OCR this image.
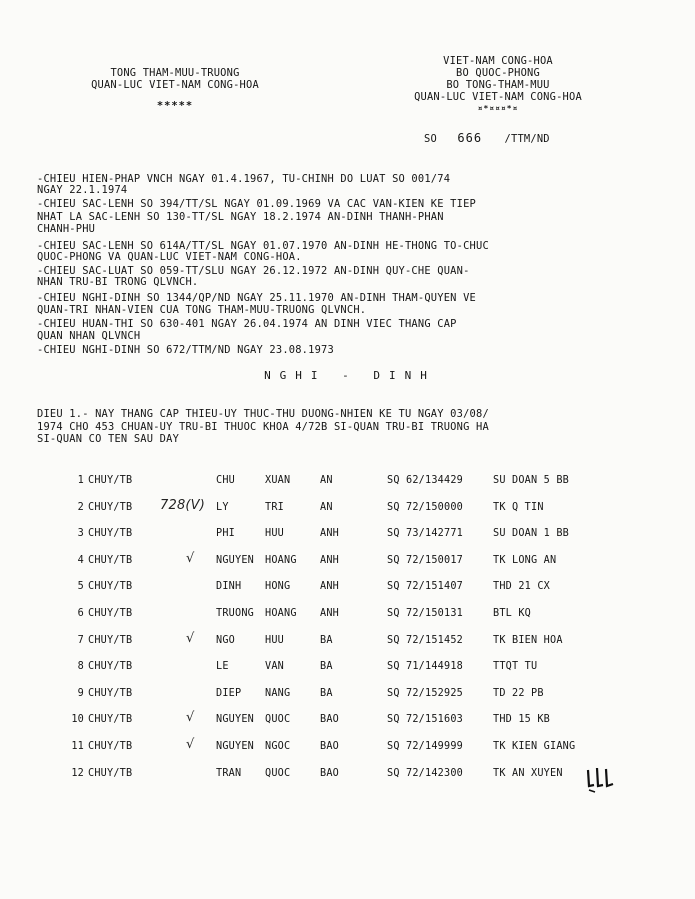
TONG THAM-MUU-TRUONG
QUAN-LUC VIET-NAM CONG-HOA
*****
VIET-NAM CONG-HOA
BO QUOC-PHONG
BO TONG-THAM-MUU
QUAN-LUC VIET-NAM CONG-HOA
¤*¤¤¤*¤
SO 666 /TTM/ND
-CHIEU HIEN-PHAP VNCH NGAY 01.4.1967, TU-CHINH DO LUAT SO 001/74
NGAY 22.1.1974
-CHIEU SAC-LENH SO 394/TT/SL NGAY 01.09.1969 VA CAC VAN-KIEN KE TIEP
NHAT LA SAC-LENH SO 130-TT/SL NGAY 18.2.1974 AN-DINH THANH-PHAN
CHANH-PHU
-CHIEU SAC-LENH SO 614A/TT/SL NGAY 01.07.1970 AN-DINH HE-THONG TO-CHUC
QUOC-PHONG VA QUAN-LUC VIET-NAM CONG-HOA.
-CHIEU SAC-LUAT SO 059-TT/SLU NGAY 26.12.1972 AN-DINH QUY-CHE QUAN-
NHAN TRU-BI TRONG QLVNCH.
-CHIEU NGHI-DINH SO 1344/QP/ND NGAY 25.11.1970 AN-DINH THAM-QUYEN VE
QUAN-TRI NHAN-VIEN CUA TONG THAM-MUU-TRUONG QLVNCH.
-CHIEU HUAN-THI SO 630-401 NGAY 26.04.1974 AN DINH VIEC THANG CAP
QUAN NHAN QLVNCH
-CHIEU NGHI-DINH SO 672/TTM/ND NGAY 23.08.1973
NGHI - DINH
DIEU 1.- NAY THANG CAP THIEU-UY THUC-THU DUONG-NHIEN KE TU NGAY 03/08/
1974 CHO 453 CHUAN-UY TRU-BI THUOC KHOA 4/72B SI-QUAN TRU-BI TRUONG HA
SI-QUAN CO TEN SAU DAY
1 CHUY/TB	CHU	XUAN	AN	SQ 62/134429	SU DOAN 5 BB
2 CHUY/TB	LY	TRI	AN	SQ 72/150000	TK Q TIN
728(V)
3 CHUY/TB	PHI	HUU	ANH	SQ 73/142771	SU DOAN 1 BB
4 CHUY/TB	NGUYEN HOANG ANH	SQ 72/150017	TK LONG AN
√
5 CHUY/TB	DINH HONG	ANH	SQ 72/151407	THD 21 CX
6 CHUY/TB	TRUONG HOANG ANH	SQ 72/150131	BTL KQ
7 CHUY/TB	NGO	HUU	BA	SQ 72/151452	TK BIEN HOA
√
8 CHUY/TB	LE	VAN	BA	SQ 71/144918	TTQT TU
9 CHUY/TB	DIEP NANG	BA	SQ 72/152925	TD 22 PB
10 CHUY/TB	NGUYEN QUOC	BAO	SQ 72/151603	THD 15 KB
√
11 CHUY/TB	NGUYEN NGOC	BAO	SQ 72/149999	TK KIEN GIANG
√
12 CHUY/TB	TRAN QUOC	BAO	SQ 72/142300	TK AN XUYEN
